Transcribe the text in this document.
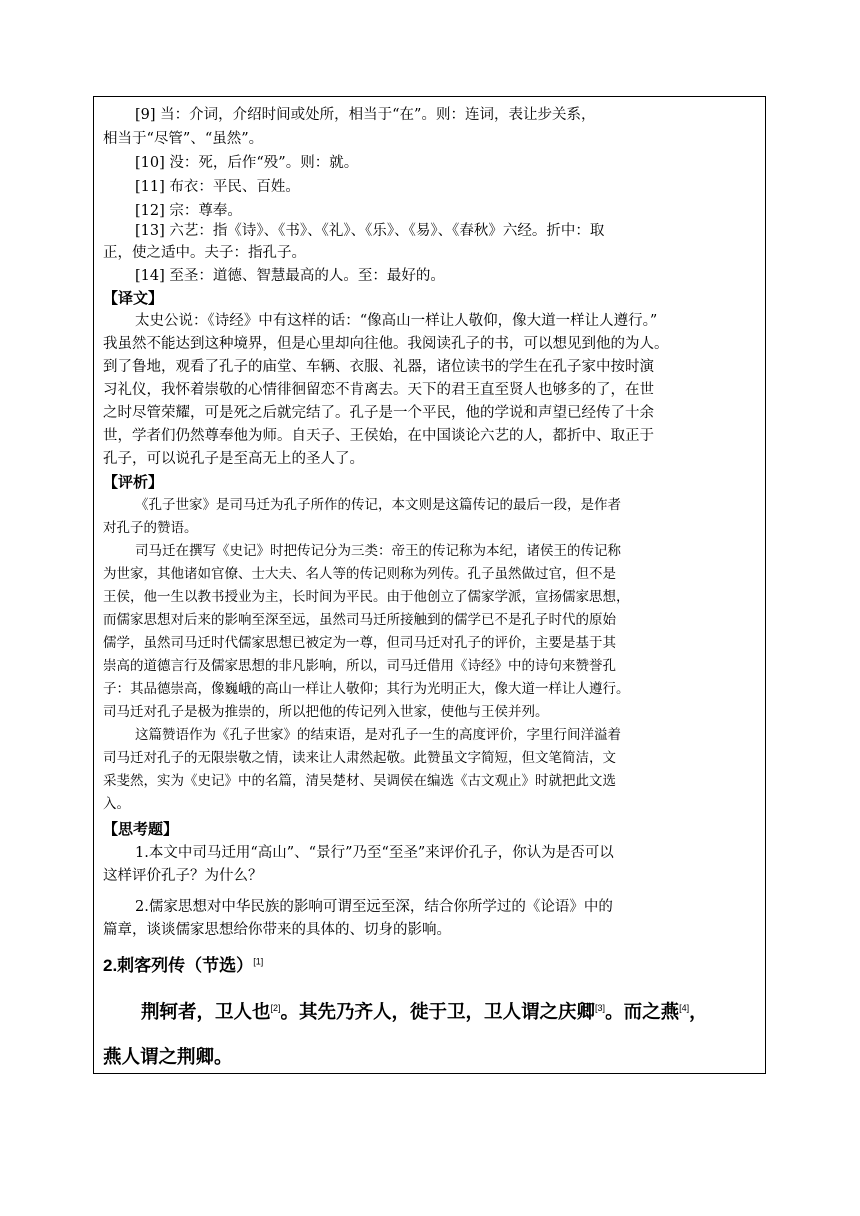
[9] 当：介词，介绍时间或处所，相当于“在”。则：连词，表让步关系，
相当于“尽管”、“虽然”。
[10] 没：死，后作“殁”。则：就。
[11] 布衣：平民、百姓。
[12] 宗：尊奉。
[13] 六艺：指《诗》、《书》、《礼》、《乐》、《易》、《春秋》六经。折中：取
正，使之适中。夫子：指孔子。
[14] 至圣：道德、智慧最高的人。至：最好的。
【译文】
太史公说：《诗经》中有这样的话：“像高山一样让人敬仰，像大道一样让人遵行。”
我虽然不能达到这种境界，但是心里却向往他。我阅读孔子的书，可以想见到他的为人。
到了鲁地，观看了孔子的庙堂、车辆、衣服、礼器，诸位读书的学生在孔子家中按时演
习礼仪，我怀着崇敬的心情徘徊留恋不肯离去。天下的君王直至贤人也够多的了，在世
之时尽管荣耀，可是死之后就完结了。孔子是一个平民，他的学说和声望已经传了十余
世，学者们仍然尊奉他为师。自天子、王侯始，在中国谈论六艺的人，都折中、取正于
孔子，可以说孔子是至高无上的圣人了。
【评析】
《孔子世家》是司马迁为孔子所作的传记，本文则是这篇传记的最后一段，是作者
对孔子的赞语。
司马迁在撰写《史记》时把传记分为三类：帝王的传记称为本纪，诸侯王的传记称
为世家，其他诸如官僚、士大夫、名人等的传记则称为列传。孔子虽然做过官，但不是
王侯，他一生以教书授业为主，长时间为平民。由于他创立了儒家学派，宣扬儒家思想，
而儒家思想对后来的影响至深至远，虽然司马迁所接触到的儒学已不是孔子时代的原始
儒学，虽然司马迁时代儒家思想已被定为一尊，但司马迁对孔子的评价，主要是基于其
崇高的道德言行及儒家思想的非凡影响，所以，司马迁借用《诗经》中的诗句来赞誉孔
子：其品德崇高，像巍峨的高山一样让人敬仰；其行为光明正大，像大道一样让人遵行。
司马迁对孔子是极为推崇的，所以把他的传记列入世家，使他与王侯并列。
这篇赞语作为《孔子世家》的结束语，是对孔子一生的高度评价，字里行间洋溢着
司马迁对孔子的无限崇敬之情，读来让人肃然起敬。此赞虽文字简短，但文笔简洁，文
采斐然，实为《史记》中的名篇，清吴楚材、吴调侯在编选《古文观止》时就把此文选
入。
【思考题】
1.本文中司马迁用“高山”、“景行”乃至“至圣”来评价孔子，你认为是否可以
这样评价孔子？为什么？
2.儒家思想对中华民族的影响可谓至远至深，结合你所学过的《论语》中的
篇章，谈谈儒家思想给你带来的具体的、切身的影响。
2.刺客列传（节选）[1]
荆轲者，卫人也[2]。其先乃齐人，徙于卫，卫人谓之庆卿[3]。而之燕[4]，
燕人谓之荆卿。
